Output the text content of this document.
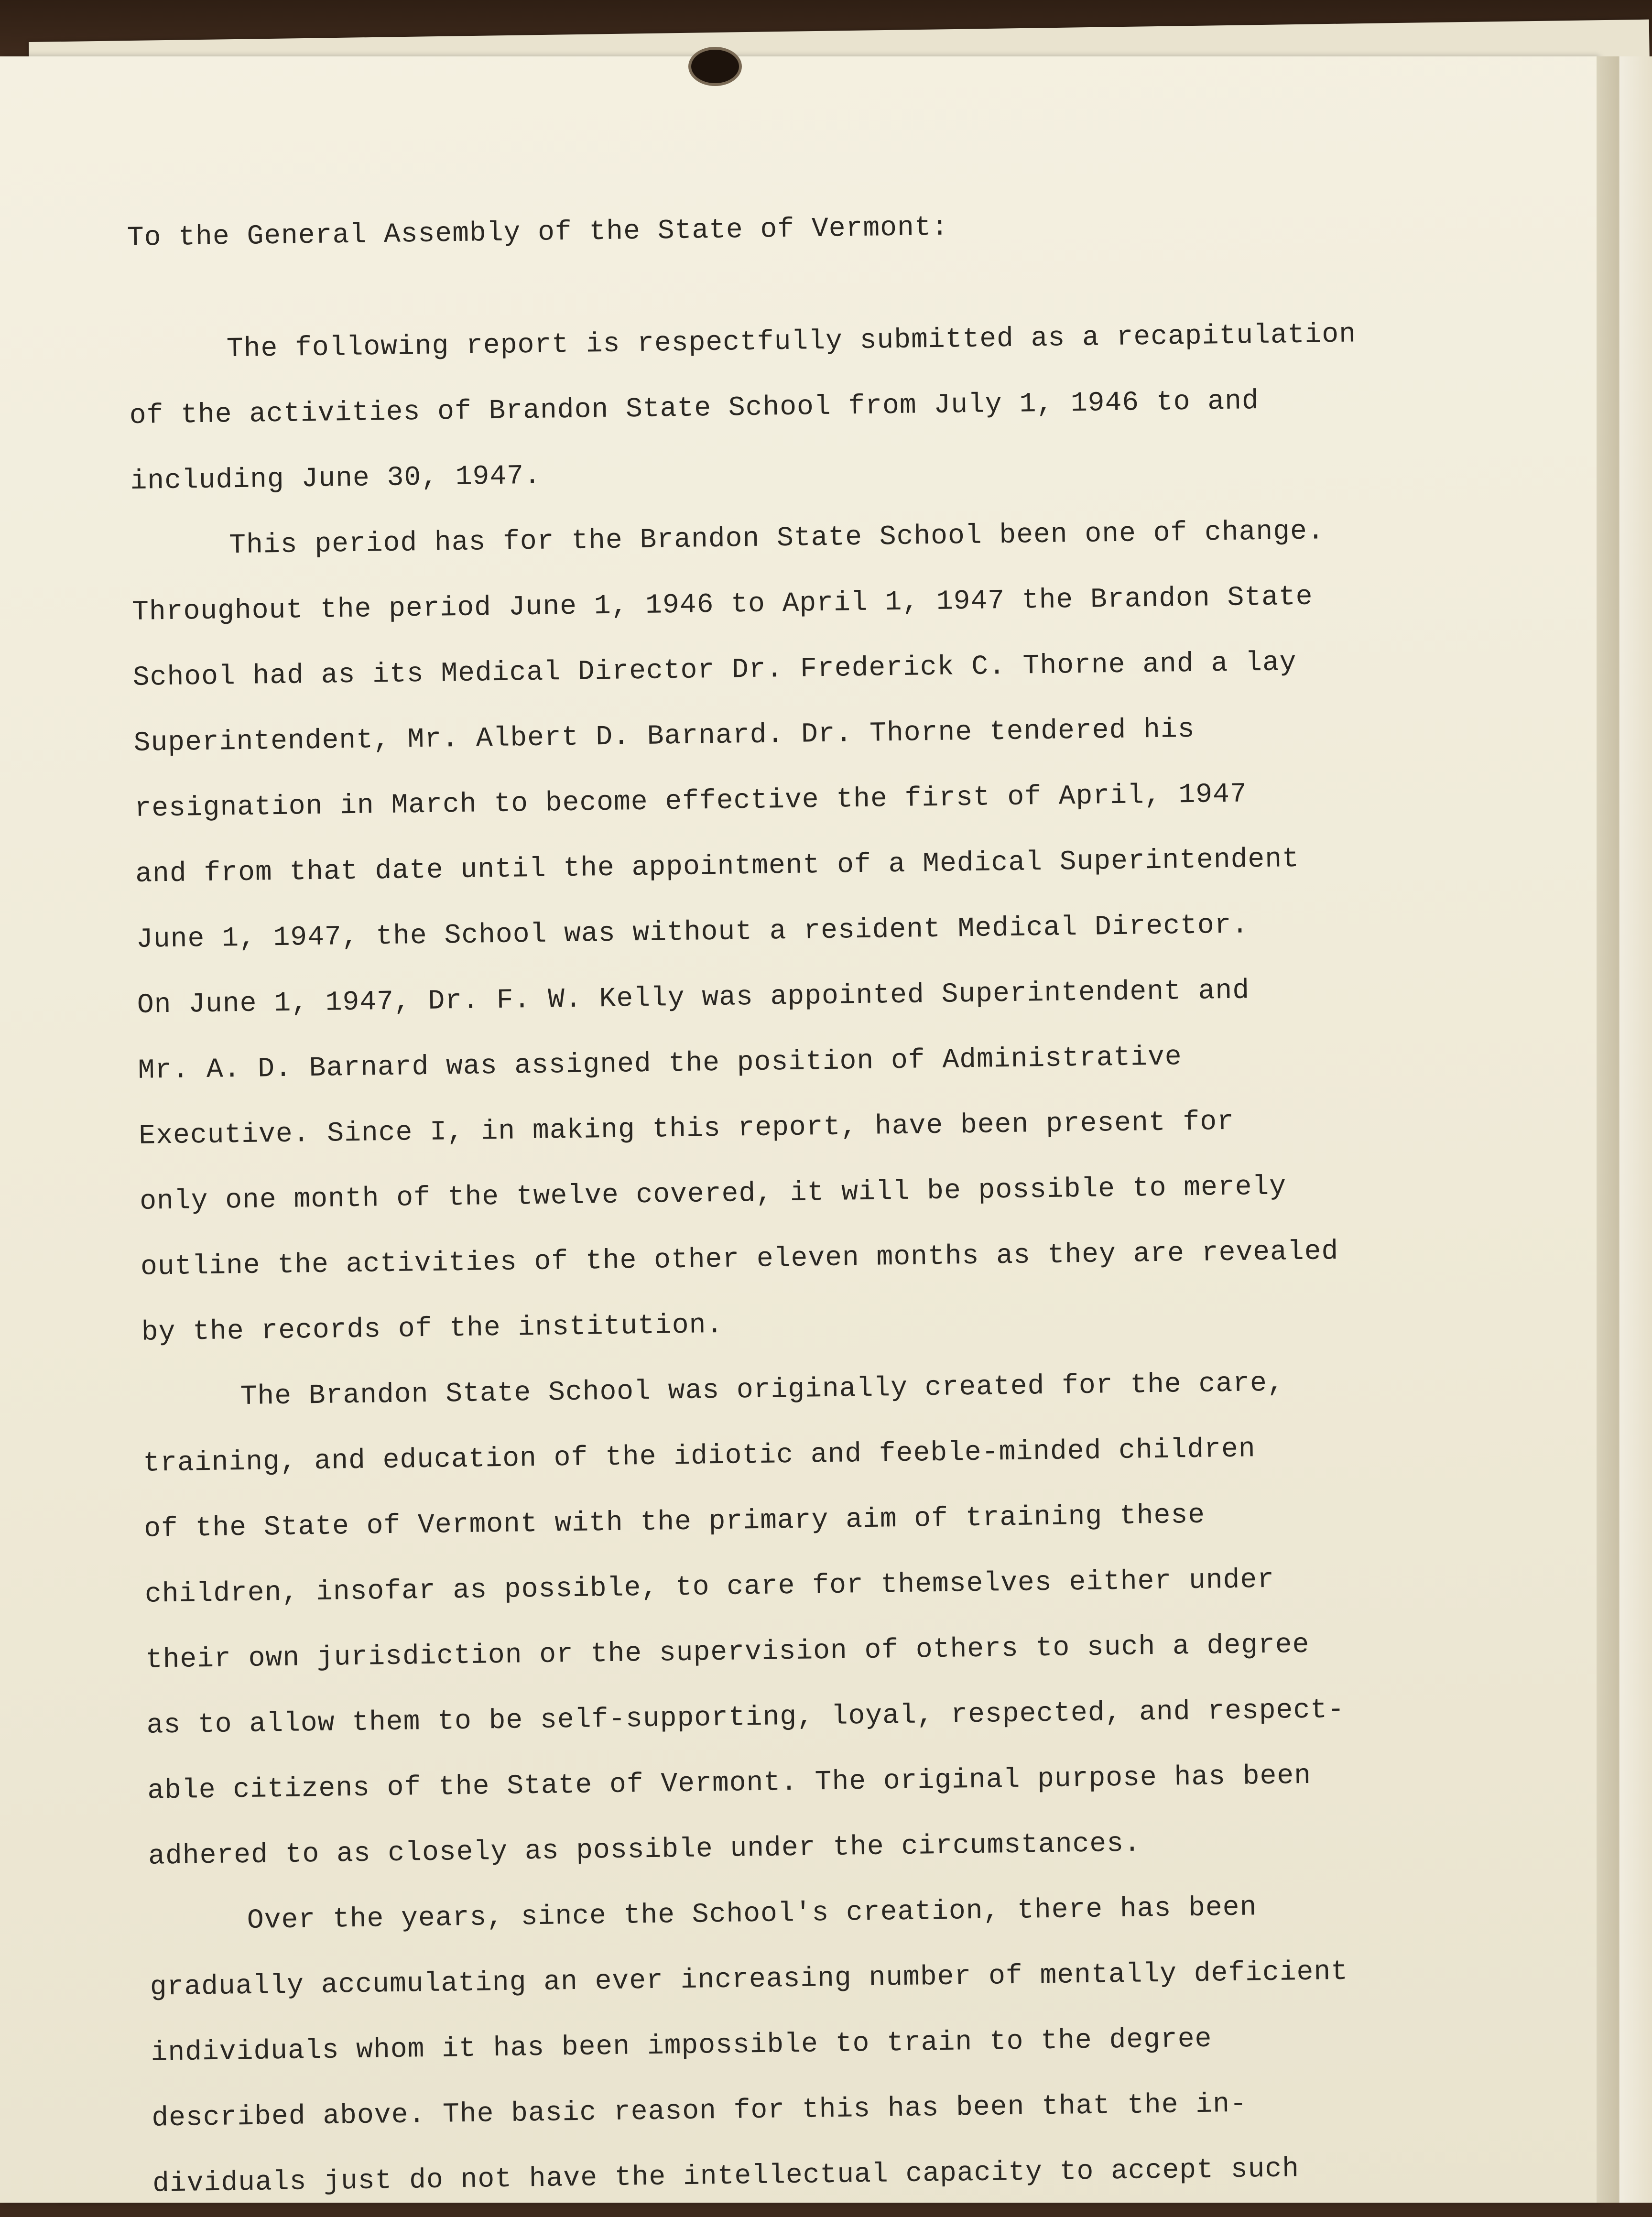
To the General Assembly of the State of Vermont:
The following report is respectfully submitted as a recapitulation
of the activities of Brandon State School from July 1, 1946 to and
including June 30, 1947.
This period has for the Brandon State School been one of change.
Throughout the period June 1, 1946 to April 1, 1947 the Brandon State
School had as its Medical Director Dr. Frederick C. Thorne and a lay
Superintendent, Mr. Albert D. Barnard. Dr. Thorne tendered his
resignation in March to become effective the first of April, 1947
and from that date until the appointment of a Medical Superintendent
June 1, 1947, the School was without a resident Medical Director.
On June 1, 1947, Dr. F. W. Kelly was appointed Superintendent and
Mr. A. D. Barnard was assigned the position of Administrative
Executive. Since I, in making this report, have been present for
only one month of the twelve covered, it will be possible to merely
outline the activities of the other eleven months as they are revealed
by the records of the institution.
The Brandon State School was originally created for the care,
training, and education of the idiotic and feeble-minded children
of the State of Vermont with the primary aim of training these
children, insofar as possible, to care for themselves either under
their own jurisdiction or the supervision of others to such a degree
as to allow them to be self-supporting, loyal, respected, and respect-
able citizens of the State of Vermont. The original purpose has been
adhered to as closely as possible under the circumstances.
Over the years, since the School's creation, there has been
gradually accumulating an ever increasing number of mentally deficient
individuals whom it has been impossible to train to the degree
described above. The basic reason for this has been that the in-
dividuals just do not have the intellectual capacity to accept such
